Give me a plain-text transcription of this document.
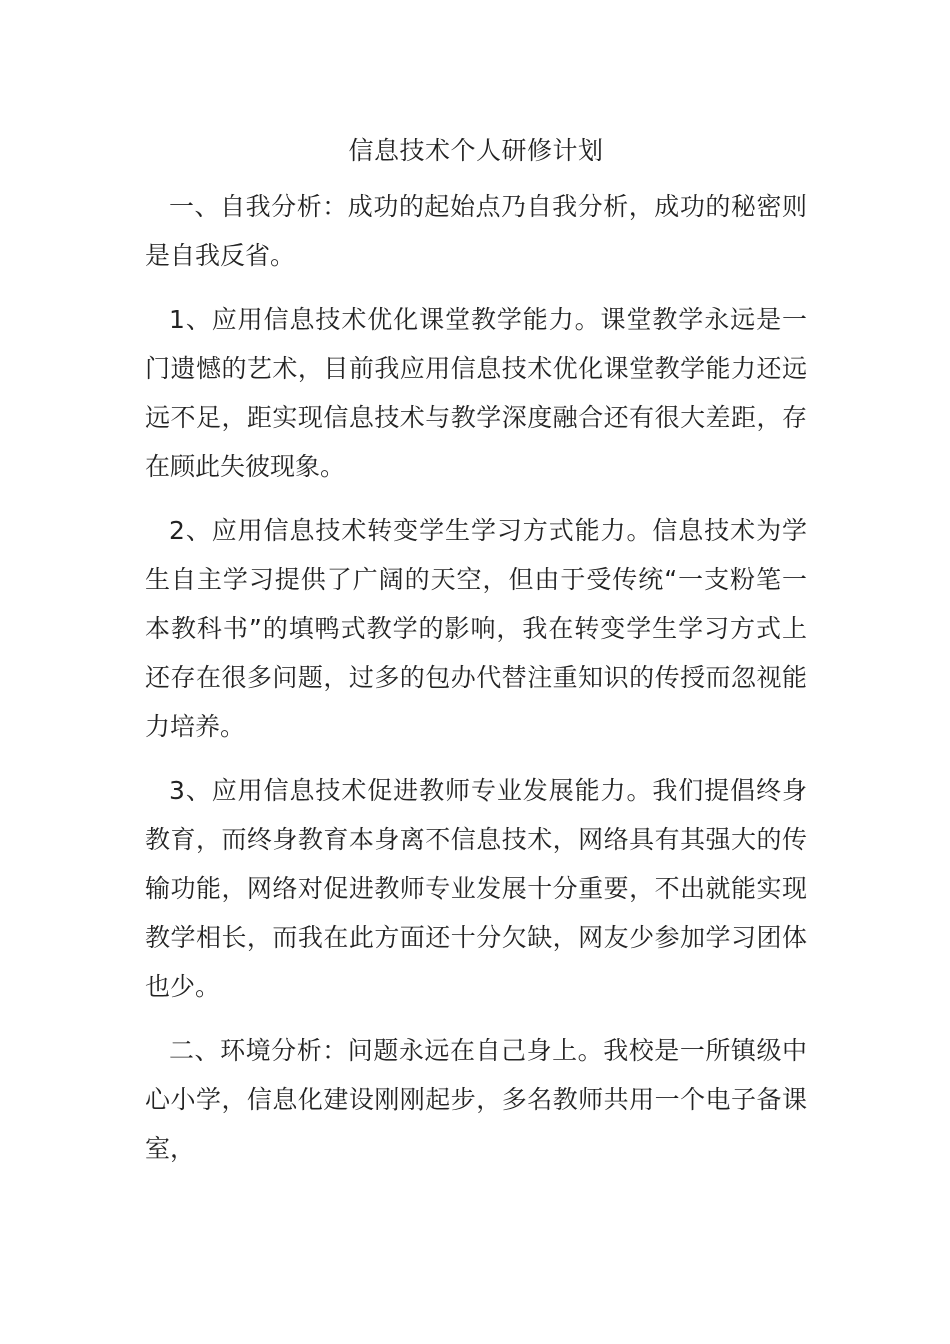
信息技术个人研修计划

一、自我分析：成功的起始点乃自我分析，成功的秘密则是自我反省。

1、应用信息技术优化课堂教学能力。课堂教学永远是一门遗憾的艺术，目前我应用信息技术优化课堂教学能力还远远不足，距实现信息技术与教学深度融合还有很大差距，存在顾此失彼现象。

2、应用信息技术转变学生学习方式能力。信息技术为学生自主学习提供了广阔的天空，但由于受传统“一支粉笔一本教科书”的填鸭式教学的影响，我在转变学生学习方式上还存在很多问题，过多的包办代替注重知识的传授而忽视能力培养。

3、应用信息技术促进教师专业发展能力。我们提倡终身教育，而终身教育本身离不信息技术，网络具有其强大的传输功能，网络对促进教师专业发展十分重要，不出就能实现教学相长，而我在此方面还十分欠缺，网友少参加学习团体也少。

二、环境分析：问题永远在自己身上。我校是一所镇级中心小学，信息化建设刚刚起步，多名教师共用一个电子备课室，
